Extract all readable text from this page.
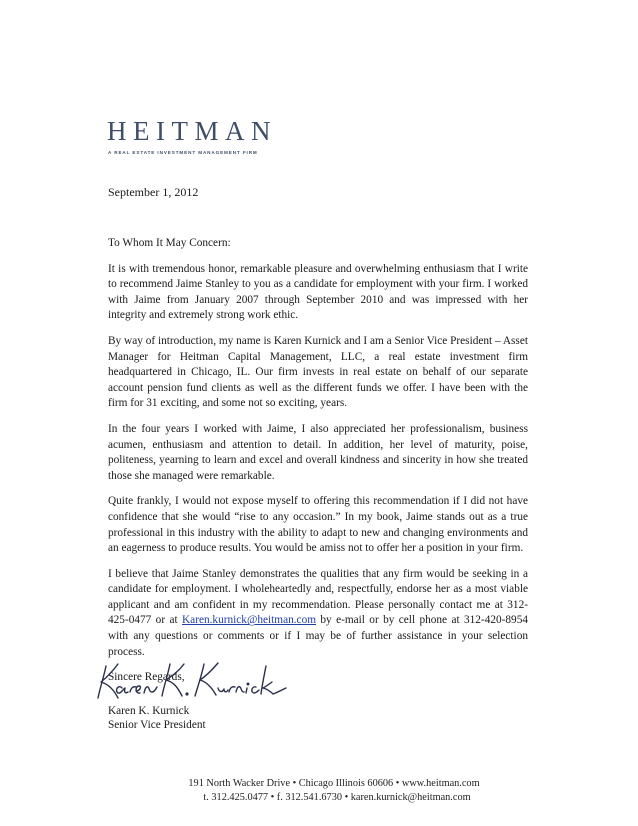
HEITMAN
A REAL ESTATE INVESTMENT MANAGEMENT FIRM
September 1, 2012

To Whom It May Concern:

It is with tremendous honor, remarkable pleasure and overwhelming enthusiasm that I write to recommend Jaime Stanley to you as a candidate for employment with your firm. I worked with Jaime from January 2007 through September 2010 and was impressed with her integrity and extremely strong work ethic.

By way of introduction, my name is Karen Kurnick and I am a Senior Vice President – Asset Manager for Heitman Capital Management, LLC, a real estate investment firm headquartered in Chicago, IL. Our firm invests in real estate on behalf of our separate account pension fund clients as well as the different funds we offer. I have been with the firm for 31 exciting, and some not so exciting, years.

In the four years I worked with Jaime, I also appreciated her professionalism, business acumen, enthusiasm and attention to detail. In addition, her level of maturity, poise, politeness, yearning to learn and excel and overall kindness and sincerity in how she treated those she managed were remarkable.

Quite frankly, I would not expose myself to offering this recommendation if I did not have confidence that she would “rise to any occasion.” In my book, Jaime stands out as a true professional in this industry with the ability to adapt to new and changing environments and an eagerness to produce results. You would be amiss not to offer her a position in your firm.

I believe that Jaime Stanley demonstrates the qualities that any firm would be seeking in a candidate for employment. I wholeheartedly and, respectfully, endorse her as a most viable applicant and am confident in my recommendation. Please personally contact me at 312-425-0477 or at Karen.kurnick@heitman.com by e-mail or by cell phone at 312-420-8954 with any questions or comments or if I may be of further assistance in your selection process.

Sincere Regards,

Karen K. Kurnick
Senior Vice President
191 North Wacker Drive • Chicago Illinois 60606 • www.heitman.com
t. 312.425.0477 • f. 312.541.6730 • karen.kurnick@heitman.com
